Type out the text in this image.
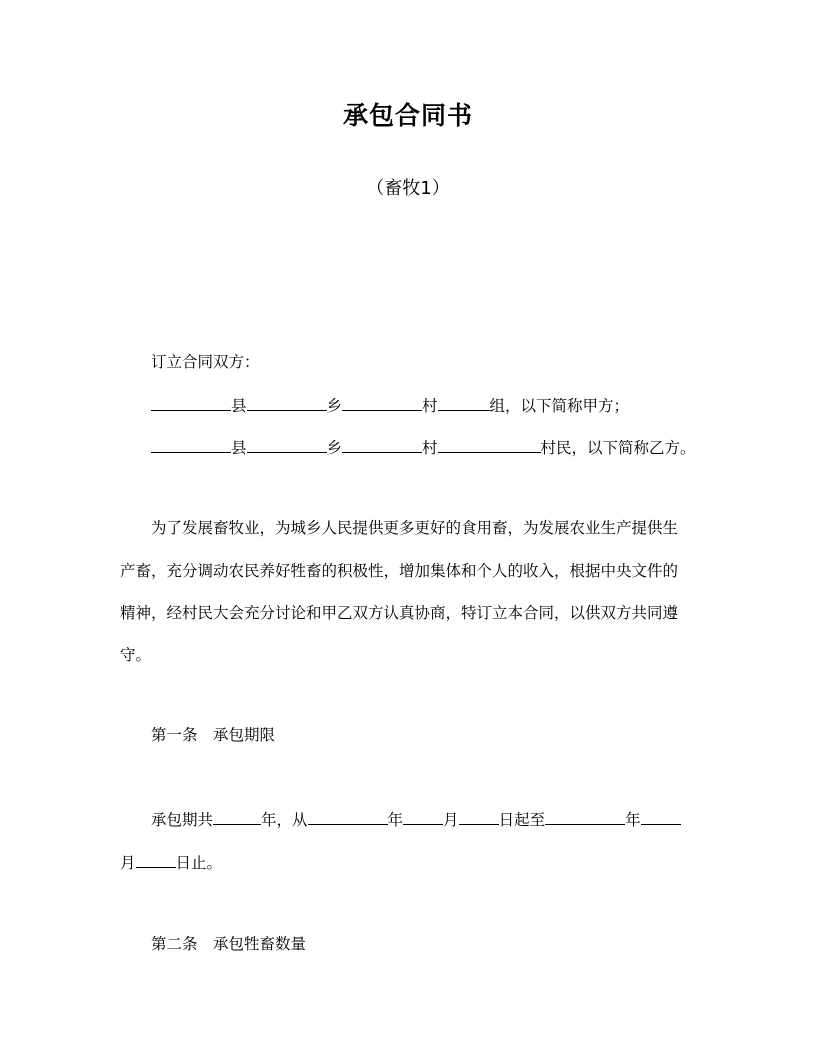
承包合同书
（畜牧1）
订立合同双方：
县	乡	村	组，以下简称甲方；
县	乡	村	村民，以下简称乙方。
为了发展畜牧业，为城乡人民提供更多更好的食用畜，为发展农业生产提供生
产畜，充分调动农民养好牲畜的积极性，增加集体和个人的收入，根据中央文件的
精神，经村民大会充分讨论和甲乙双方认真协商，特订立本合同，以供双方共同遵
守。
第一条　承包期限
承包期共	年，从	年	月	日起至	年
月	日止。
第二条　承包牲畜数量
